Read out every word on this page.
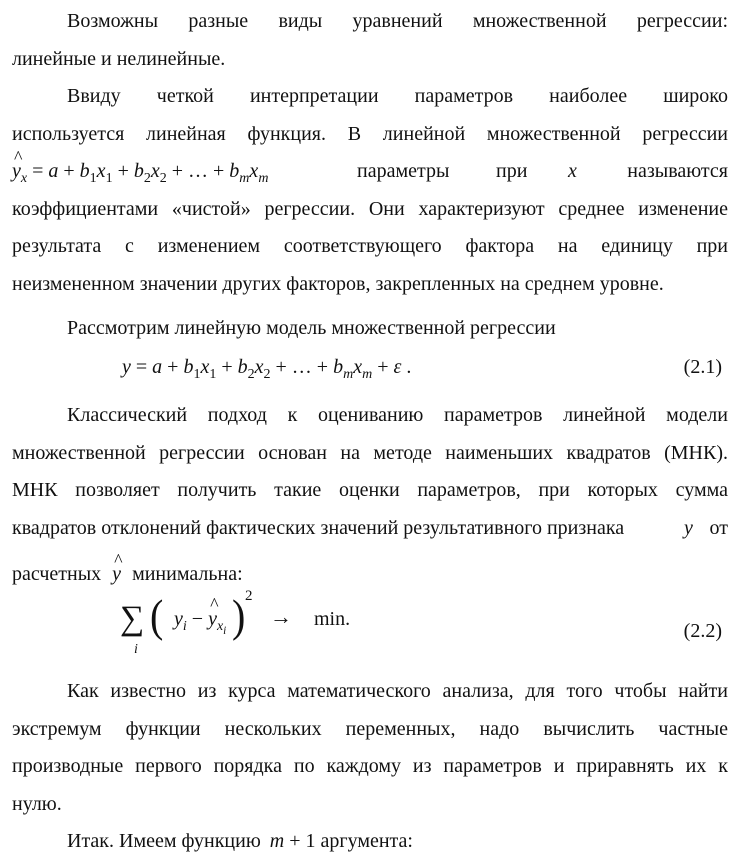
Возможны разные виды уравнений множественной регрессии:
линейные и нелинейные.
Ввиду четкой интерпретации параметров наиболее широко
используется линейная функция. В линейной множественной регрессии
^ $y_x = a + b_1x_1 + b_2x_2$ + … + $b_mx_m$	параметры при x	называются
коэффициентами «чистой» регрессии. Они характеризуют среднее изменение
результата с изменением соответствующего фактора на единицу при
неизмененном значении других факторов, закрепленных на среднем уровне.
Рассмотрим линейную модель множественной регрессии
$y = a + b_1x_1 + b_2x_2$ + … + $b_mx_m + \varepsilon$ .	(2.1)
Классический подход к оцениванию параметров линейной модели
множественной регрессии основан на методе наименьших квадратов (МНК).
МНК позволяет получить такие оценки параметров, при которых сумма
квадратов отклонений фактических значений результативного признака	y от
расчетных ^ y минимальна:
∑
i
( $y_i$ − ^ $y_{x_i}$ ) 2
→ min.
(2.2)
Как известно из курса математического анализа, для того чтобы найти
экстремум функции нескольких переменных, надо вычислить частные
производные первого порядка по каждому из параметров и приравнять их к
нулю.
Итак. Имеем функцию m + 1 аргумента:
